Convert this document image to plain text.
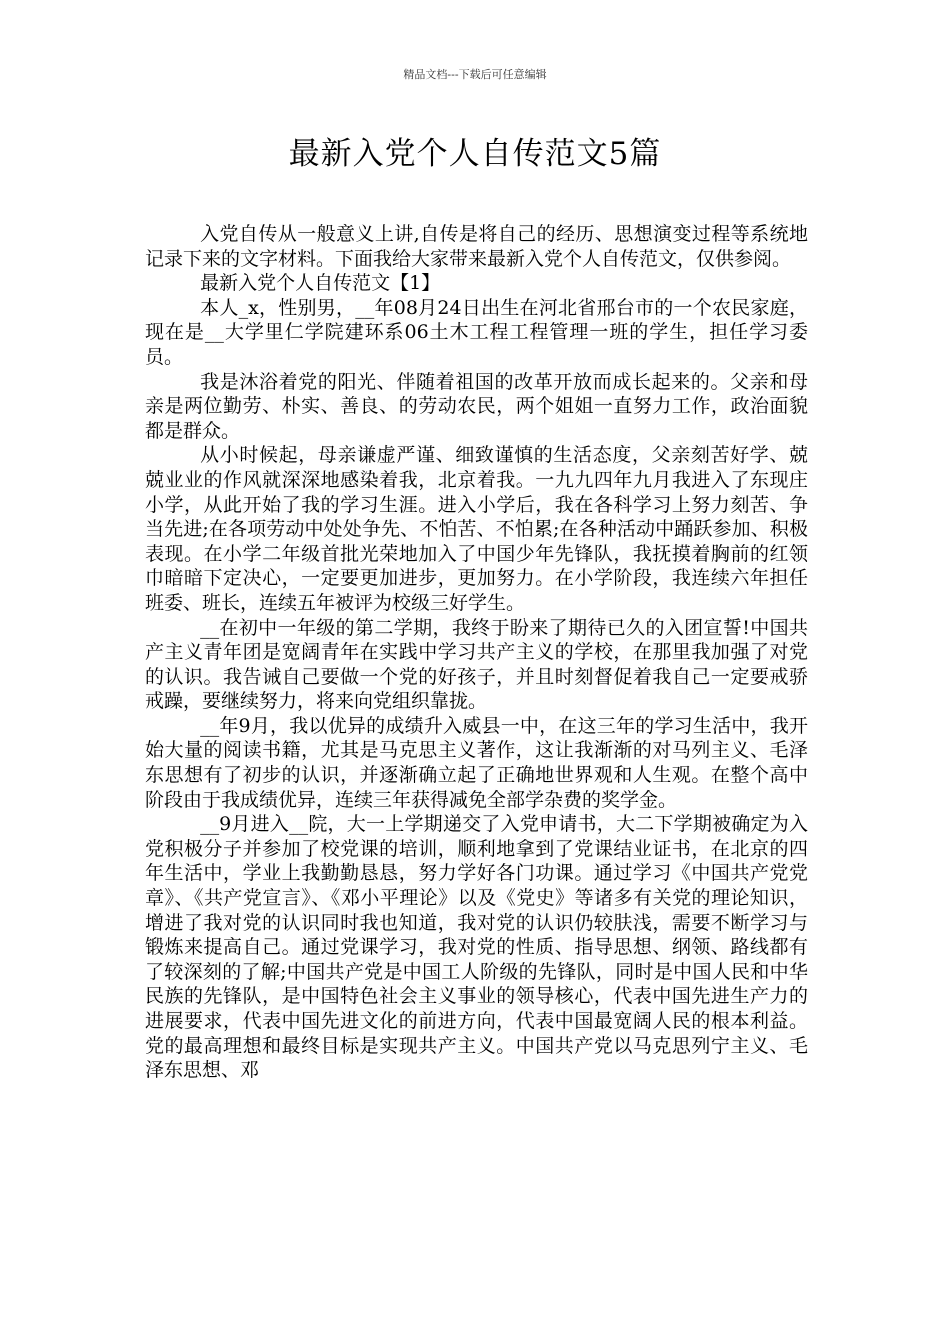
精品文档---下载后可任意编辑
最新入党个人自传范文5篇

入党自传从一般意义上讲,自传是将自己的经历、思想演变过程等系统地记录下来的文字材料。下面我给大家带来最新入党个人自传范文，仅供参阅。

最新入党个人自传范文【1】

本人_x，性别男，__年08月24日出生在河北省邢台市的一个农民家庭，现在是__大学里仁学院建环系06土木工程工程管理一班的学生，担任学习委员。

我是沐浴着党的阳光、伴随着祖国的改革开放而成长起来的。父亲和母亲是两位勤劳、朴实、善良、的劳动农民，两个姐姐一直努力工作，政治面貌都是群众。

从小时候起，母亲谦虚严谨、细致谨慎的生活态度，父亲刻苦好学、兢兢业业的作风就深深地感染着我，北京着我。一九九四年九月我进入了东现庄小学，从此开始了我的学习生涯。进入小学后，我在各科学习上努力刻苦、争当先进;在各项劳动中处处争先、不怕苦、不怕累;在各种活动中踊跃参加、积极表现。在小学二年级首批光荣地加入了中国少年先锋队，我抚摸着胸前的红领巾暗暗下定决心，一定要更加进步，更加努力。在小学阶段，我连续六年担任班委、班长，连续五年被评为校级三好学生。

__在初中一年级的第二学期，我终于盼来了期待已久的入团宣誓!中国共产主义青年团是宽阔青年在实践中学习共产主义的学校，在那里我加强了对党的认识。我告诫自己要做一个党的好孩子，并且时刻督促着我自己一定要戒骄戒躁，要继续努力，将来向党组织靠拢。

__年9月，我以优异的成绩升入威县一中，在这三年的学习生活中，我开始大量的阅读书籍，尤其是马克思主义著作，这让我渐渐的对马列主义、毛泽东思想有了初步的认识，并逐渐确立起了正确地世界观和人生观。在整个高中阶段由于我成绩优异，连续三年获得减免全部学杂费的奖学金。

__9月进入__院，大一上学期递交了入党申请书，大二下学期被确定为入党积极分子并参加了校党课的培训，顺利地拿到了党课结业证书，在北京的四年生活中，学业上我勤勤恳恳，努力学好各门功课。通过学习《中国共产党党章》、《共产党宣言》、《邓小平理论》以及《党史》等诸多有关党的理论知识，增进了我对党的认识同时我也知道，我对党的认识仍较肤浅，需要不断学习与锻炼来提高自己。通过党课学习，我对党的性质、指导思想、纲领、路线都有了较深刻的了解;中国共产党是中国工人阶级的先锋队，同时是中国人民和中华民族的先锋队，是中国特色社会主义事业的领导核心，代表中国先进生产力的进展要求，代表中国先进文化的前进方向，代表中国最宽阔人民的根本利益。党的最高理想和最终目标是实现共产主义。中国共产党以马克思列宁主义、毛泽东思想、邓
